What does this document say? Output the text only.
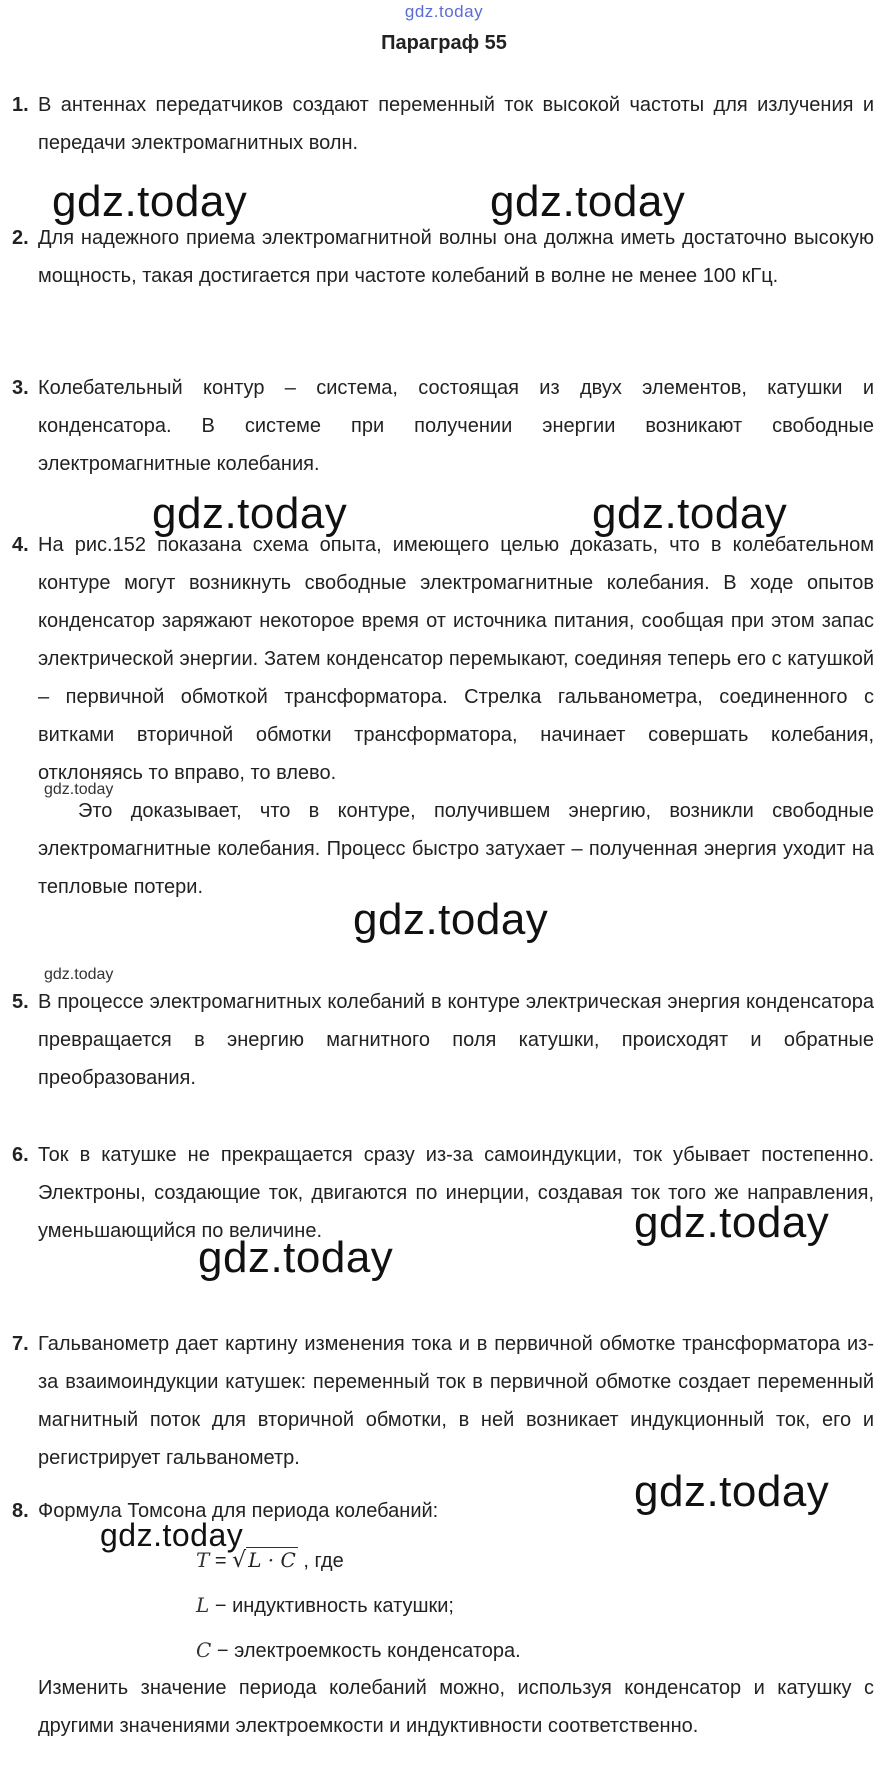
gdz.today
Параграф 55
1. В антеннах передатчиков создают переменный ток высокой частоты для излучения и передачи электромагнитных волн.

2. Для надежного приема электромагнитной волны она должна иметь достаточно высокую мощность, такая достигается при частоте колебаний в волне не менее 100 кГц.

3. Колебательный контур – система, состоящая из двух элементов, катушки и конденсатора. В системе при получении энергии возникают свободные электромагнитные колебания.

4. На рис.152 показана схема опыта, имеющего целью доказать, что в колебательном контуре могут возникнуть свободные электромагнитные колебания. В ходе опытов конденсатор заряжают некоторое время от источника питания, сообщая при этом запас электрической энергии. Затем конденсатор перемыкают, соединяя теперь его с катушкой – первичной обмоткой трансформатора. Стрелка гальванометра, соединенного с витками вторичной обмотки трансформатора, начинает совершать колебания, отклоняясь то вправо, то влево.

Это доказывает, что в контуре, получившем энергию, возникли свободные электромагнитные колебания. Процесс быстро затухает – полученная энергия уходит на тепловые потери.

5. В процессе электромагнитных колебаний в контуре электрическая энергия конденсатора превращается в энергию магнитного поля катушки, происходят и обратные преобразования.

6. Ток в катушке не прекращается сразу из-за самоиндукции, ток убывает постепенно. Электроны, создающие ток, двигаются по инерции, создавая ток того же направления, уменьшающийся по величине.

7. Гальванометр дает картину изменения тока и в первичной обмотке трансформатора из-за взаимоиндукции катушек: переменный ток в первичной обмотке создает переменный магнитный поток для вторичной обмотки, в ней возникает индукционный ток, его и регистрирует гальванометр.

8. Формула Томсона для периода колебаний:

T = √ L · C , где
L − индуктивность катушки;
C − электроемкость конденсатора.

Изменить значение периода колебаний можно, используя конденсатор и катушку с другими значениями электроемкости и индуктивности соответственно.

gdz.today	gdz.today
gdz.today	gdz.today
gdz.today
gdz.today
gdz.today
gdz.today
gdz.today
gdz.today
gdz.today
